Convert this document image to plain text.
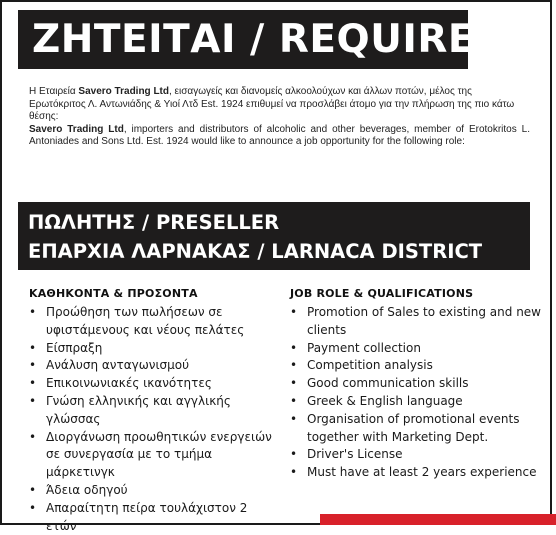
ΖΗΤΕΙΤΑΙ / REQUIRED

Η Εταιρεία Savero Trading Ltd, εισαγωγείς και διανομείς αλκοολούχων και άλλων ποτών, μέλος της Ερωτόκριτος Λ. Αντωνιάδης & Υιοί Λτδ Est. 1924 επιθυμεί να προσλάβει άτομο για την πλήρωση της πιο κάτω θέσης:

Savero Trading Ltd, importers and distributors of alcoholic and other beverages, member of Erotokritos L. Antoniades and Sons Ltd. Est. 1924 would like to announce a job opportunity for the following role:

ΠΩΛΗΤΗΣ / PRESELLER
ΕΠΑΡΧΙΑ ΛΑΡΝΑΚΑΣ / LARNACA DISTRICT
ΚΑΘΗΚΟΝΤΑ & ΠΡΟΣΟΝΤΑ
• Προώθηση των πωλήσεων σε υφιστάμενους και νέους πελάτες
• Είσπραξη
• Ανάλυση ανταγωνισμού
• Επικοινωνιακές ικανότητες
• Γνώση ελληνικής και αγγλικής γλώσσας
• Διοργάνωση προωθητικών ενεργειών σε συνεργασία με το τμήμα μάρκετινγκ
• Άδεια οδηγού
• Απαραίτητη πείρα τουλάχιστον 2 ετών
JOB ROLE & QUALIFICATIONS
• Promotion of Sales to existing and new clients
• Payment collection
• Competition analysis
• Good communication skills
• Greek & English language
• Organisation of promotional events together with Marketing Dept.
• Driver's License
• Must have at least 2 years experience
